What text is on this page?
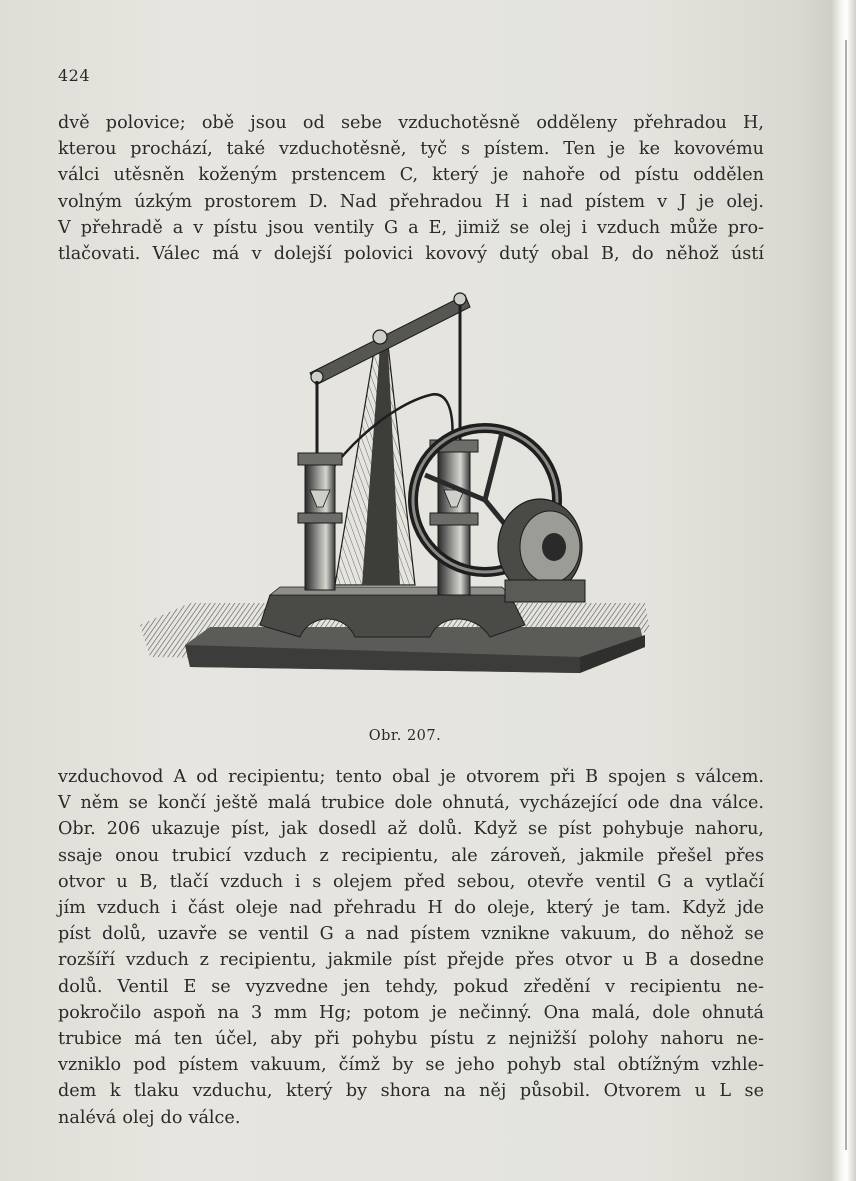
424

dvě polovice; obě jsou od sebe vzduchotěsně odděleny přehradou H,
kterou prochází, také vzduchotěsně, tyč s pístem. Ten je ke kovovému
válci utěsněn koženým prstencem C, který je nahoře od pístu oddělen
volným úzkým prostorem D. Nad přehradou H i nad pístem v J je olej.
V přehradě a v pístu jsou ventily G a E, jimiž se olej i vzduch může pro-
tlačovati. Válec má v dolejší polovici kovový dutý obal B, do něhož ústí

Obr. 207.

vzduchovod A od recipientu; tento obal je otvorem při B spojen s válcem.
V něm se končí ještě malá trubice dole ohnutá, vycházející ode dna válce.
Obr. 206 ukazuje píst, jak dosedl až dolů. Když se píst pohybuje nahoru,
ssaje onou trubicí vzduch z recipientu, ale zároveň, jakmile přešel přes
otvor u B, tlačí vzduch i s olejem před sebou, otevře ventil G a vytlačí
jím vzduch i část oleje nad přehradu H do oleje, který je tam. Když jde
píst dolů, uzavře se ventil G a nad pístem vznikne vakuum, do něhož se
rozšíří vzduch z recipientu, jakmile píst přejde přes otvor u B a dosedne
dolů. Ventil E se vyzvedne jen tehdy, pokud zředění v recipientu ne-
pokročilo aspoň na 3 mm Hg; potom je nečinný. Ona malá, dole ohnutá
trubice má ten účel, aby při pohybu pístu z nejnižší polohy nahoru ne-
vzniklo pod pístem vakuum, čímž by se jeho pohyb stal obtížným vzhle-
dem k tlaku vzduchu, který by shora na něj působil. Otvorem u L se
nalévá olej do válce.
